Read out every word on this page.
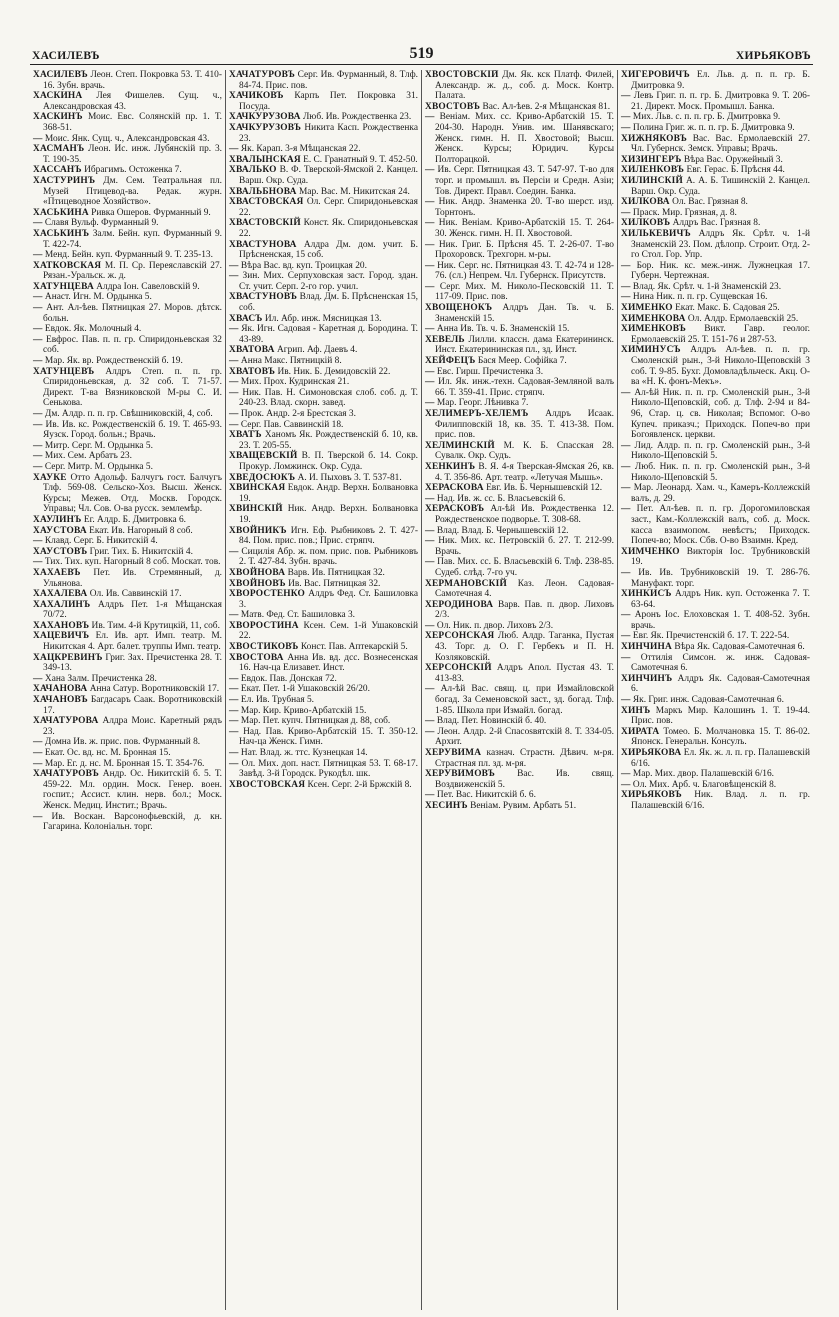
ХАСИЛЕВЪ	519	ХИРЬЯКОВЪ

ХАСИЛЕВЪ Леон. Степ. Покровка 53. Т. 410-16. Зубн. врачь.

ХАСКИНА Лея Фишелев. Сущ. ч., Александровская 43.

ХАСКИНЪ Моис. Евс. Солянскій пр. 1. Т. 368-51.

— Моис. Янк. Сущ. ч., Александровская 43.

ХАСМАНЪ Леон. Ис. инж. Лубянскій пр. 3. Т. 190-35.

ХАССАНЪ Ибрагимъ. Остоженка 7.

ХАСТУРИНЪ Дм. Сем. Театральная пл. Музей Птицевод-ва. Редак. журн. «Птицеводное Хозяйство».

ХАСЬКИНА Ривка Ошеров. Фурманный 9.

— Славя Вульф. Фурманный 9.

ХАСЬКИНЪ Залм. Бейн. куп. Фурманный 9. Т. 422-74.

— Менд. Бейн. куп. Фурманный 9. Т. 235-13.

ХАТКОВСКАЯ М. П. Ср. Переяславскій 27. Рязан.-Уральск. ж. д.

ХАТУНЦЕВА Алдра Іон. Савеловскій 9.

— Анаст. Игн. М. Ордынка 5.

— Ант. Ал-ѣев. Пятницкая 27. Моров. дѣтск. больн.

— Евдок. Як. Молочный 4.

— Евфрос. Пав. п. п. гр. Спиридоньевская 32 соб.

— Мар. Як. вр. Рождественскій б. 19.

ХАТУНЦЕВЪ Алдръ Степ. п. п. гр. Спиридоньевская, д. 32 соб. Т. 71-57. Директ. Т-ва Вязниковской М-ры С. И. Сенькова.

— Дм. Алдр. п. п. гр. Свѣшниковскій, 4, соб.

— Ив. Ив. кс. Рождественскій б. 19. Т. 465-93. Яузск. Город. больн.; Врачь.

— Митр. Серг. М. Ордынка 5.

— Мих. Сем. Арбатъ 23.

— Серг. Митр. М. Ордынка 5.

ХАУКЕ Отто Адольф. Балчугъ гост. Балчугъ Тлф. 569-08. Сельско-Хоз. Высш. Женск. Курсы; Межев. Отд. Москв. Городск. Управы; Чл. Сов. О-ва русск. землемѣр.

ХАУЛИНЪ Ег. Алдр. Б. Дмитровка 6.

ХАУСТОВА Екат. Ив. Нагорный 8 соб.

— Клавд. Серг. Б. Никитскій 4.

ХАУСТОВЪ Григ. Тих. Б. Никитскій 4.

— Тих. Тих. куп. Нагорный 8 соб. Москат. тов.

ХАХАЕВЪ Пет. Ив. Стремянный, д. Ульянова.

ХАХАЛЕВА Ол. Ив. Саввинскій 17.

ХАХАЛИНЪ Алдръ Пет. 1-я Мѣщанская 70/72.

ХАХАНОВЪ Ив. Тим. 4-й Крутицкій, 11, соб.

ХАЦЕВИЧЪ Ел. Ив. арт. Имп. театр. М. Никитская 4. Арт. балет. труппы Имп. театр.

ХАЦКРЕВИНЪ Григ. Зах. Пречистенка 28. Т. 349-13.

— Хана Залм. Пречистенка 28.

ХАЧАНОВА Анна Сатур. Воротниковскій 17.

ХАЧАНОВЪ Багдасаръ Саак. Воротниковскій 17.

ХАЧАТУРОВА Алдра Моис. Каретный рядъ 23.

— Домна Ив. ж. прис. пов. Фурманный 8.

— Екат. Ос. вд. нс. М. Бронная 15.

— Мар. Ег. д. нс. М. Бронная 15. Т. 354-76.

ХАЧАТУРОВЪ Андр. Ос. Никитскій б. 5. Т. 459-22. Мл. ордин. Моск. Генер. воен. госпит.; Ассист. клин. нерв. бол.; Моск. Женск. Медиц. Инстит.; Врачь.

— Ив. Воскан. Варсонофьевскій, д. кн. Гагарина. Колоніальн. торг.

ХАЧАТУРОВЪ Серг. Ив. Фурманный, 8. Тлф. 84-74. Прис. пов.

ХАЧИКОВЪ Карпъ Пет. Покровка 31. Посуда.

ХАЧКУРУЗОВА Люб. Ив. Рождественка 23.

ХАЧКУРУЗОВЪ Никита Касп. Рождественка 23.

— Як. Карап. 3-я Мѣщанская 22.

ХВАЛЫНСКАЯ Е. С. Гранатный 9. Т. 452-50.

ХВАЛЬКО В. Ф. Тверской-Ямской 2. Канцел. Варш. Окр. Суда.

ХВАЛЬБНОВА Мар. Вас. М. Никитская 24.

ХВАСТОВСКАЯ Ол. Серг. Спиридоньевская 22.

ХВАСТОВСКІЙ Конст. Як. Спиридоньевская 22.

ХВАСТУНОВА Алдра Дм. дом. учит. Б. Прѣсненская, 15 соб.

— Вѣра Вас. вд. куп. Троицкая 20.

— Зин. Мих. Серпуховская заст. Город. здан. Ст. учит. Серп. 2-го гор. учил.

ХВАСТУНОВЪ Влад. Дм. Б. Прѣсненская 15, соб.

ХВАСЪ Ил. Абр. инж. Мясницкая 13.

— Як. Игн. Садовая - Каретная д. Бородина. Т. 43-89.

ХВАТОВА Агрип. Аф. Даевъ 4.

— Анна Макс. Пятницкій 8.

ХВАТОВЪ Ив. Ник. Б. Демидовскій 22.

— Мих. Прох. Кудринская 21.

— Ник. Пав. Н. Симоновская слоб. соб. д. Т. 240-23. Влад. скорн. завед.

— Прок. Андр. 2-я Брестская 3.

— Серг. Пав. Саввинскій 18.

ХВАТЪ Ханомъ Як. Рождественскій б. 10, кв. 23. Т. 205-55.

ХВАЩЕВСКІЙ В. П. Тверской б. 14. Сокр. Прокур. Ломжинск. Окр. Суда.

ХВЕДОСЮКЪ А. И. Пыховъ 3. Т. 537-81.

ХВИНСКАЯ Евдок. Андр. Верхн. Болвановка 19.

ХВИНСКІЙ Ник. Андр. Верхн. Болвановка 19.

ХВОЙНИКЪ Игн. Еф. Рыбниковъ 2. Т. 427-84. Пом. прис. пов.; Прис. стряпч.

— Сицилія Абр. ж. пом. прис. пов. Рыбниковъ 2. Т. 427-84. Зубн. врачь.

ХВОЙНОВА Варв. Ив. Пятницкая 32.

ХВОЙНОВЪ Ив. Вас. Пятницкая 32.

ХВОРОСТЕНКО Алдръ Фед. Ст. Башиловка 3.

— Матв. Фед. Ст. Башиловка 3.

ХВОРОСТИНА Ксен. Сем. 1-й Ушаковскій 22.

ХВОСТИКОВЪ Конст. Пав. Аптекарскій 5.

ХВОСТОВА Анна Ив. вд. дсс. Вознесенская 16. Нач-ца Елизавет. Инст.

— Евдок. Пав. Донская 72.

— Екат. Пет. 1-й Ушаковскій 26/20.

— Ел. Ив. Трубная 5.

— Мар. Кир. Криво-Арбатскій 15.

— Мар. Пет. купч. Пятницкая д. 88, соб.

— Над. Пав. Криво-Арбатскій 15. Т. 350-12. Нач-ца Женск. Гимн.

— Нат. Влад. ж. ттс. Кузнецкая 14.

— Ол. Мих. доп. наст. Пятницкая 53. Т. 68-17. Завѣд. 3-й Городск. Рукодѣл. шк.

ХВОСТОВСКАЯ Ксен. Серг. 2-й Бржскій 8.

ХВОСТОВСКІЙ Дм. Як. кск Платф. Филей, Александр. ж. д., соб. д. Моск. Контр. Палата.

ХВОСТОВЪ Вас. Ал-ѣев. 2-я Мѣщанская 81.

— Веніам. Мих. сс. Криво-Арбатскій 15. Т. 204-30. Народн. Унив. им. Шанявскаго; Женск. гимн. Н. П. Хвостовой; Высш. Женск. Курсы; Юридич. Курсы Полторацкой.

— Ив. Серг. Пятницкая 43. Т. 547-97. Т-во для торг. и промышл. въ Персіи и Средн. Азіи; Тов. Директ. Правл. Соедин. Банка.

— Ник. Андр. Знаменка 20. Т-во шерст. изд. Торнтонъ.

— Ник. Веніам. Криво-Арбатскій 15. Т. 264-30. Женск. гимн. Н. П. Хвостовой.

— Ник. Григ. Б. Прѣсня 45. Т. 2-26-07. Т-во Прохоровск. Трехгорн. м-ры.

— Ник. Серг. нс. Пятницкая 43. Т. 42-74 и 128-76. (сл.) Непрем. Чл. Губернск. Присутств.

— Серг. Мих. М. Николо-Песковскій 11. Т. 117-09. Прис. пов.

ХВОЩЕНОКЪ Алдръ Дан. Тв. ч. Б. Знаменскій 15.

— Анна Ив. Тв. ч. Б. Знаменскій 15.

ХЕВЕЛЬ Лилли. классн. дама Екатерининск. Инст. Екатерининская пл., зд. Инст.

ХЕЙФЕЦЪ Бася Меер. Софійка 7.

— Евс. Гирш. Пречистенка 3.

— Ил. Як. инж.-техн. Садовая-Земляной валъ 66. Т. 359-41. Прис. стряпч.

— Мар. Георг. Лѣнивка 7.

ХЕЛИМЕРЪ-ХЕЛЕМЪ Алдръ Исаак. Филипповскій 18, кв. 35. Т. 413-38. Пом. прис. пов.

ХЕЛМИНСКІЙ М. К. Б. Спасская 28. Сувалк. Окр. Судъ.

ХЕНКИНЪ В. Я. 4-я Тверская-Ямская 26, кв. 4. Т. 356-86. Арт. театр. «Летучая Мышь».

ХЕРАСКОВА Евг. Ив. Б. Чернышевскій 12.

— Над. Ив. ж. сс. Б. Власьевскій 6.

ХЕРАСКОВЪ Ал-ѣй Ив. Рождественка 12. Рождественское подворье. Т. 308-68.

— Влад. Влад. Б. Чернышевскій 12.

— Ник. Мих. кс. Петровскій б. 27. Т. 212-99. Врачь.

— Пав. Мих. сс. Б. Власьевскій 6. Тлф. 238-85. Судеб. слѣд. 7-го уч.

ХЕРМАНОВСКІЙ Каз. Леон. Садовая-Самотечная 4.

ХЕРОДИНОВА Варв. Пав. п. двор. Лиховъ 2/3.

— Ол. Ник. п. двор. Лиховъ 2/3.

ХЕРСОНСКАЯ Люб. Алдр. Таганка, Пустая 43. Торг. д. О. Г. Гербекъ и П. Н. Козляковскій.

ХЕРСОНСКІЙ Алдръ Апол. Пустая 43. Т. 413-83.

— Ал-ѣй Вас. свящ. ц. при Измайловской богад. За Семеновской заст., зд. богад. Тлф. 1-85. Школа при Измайл. богад.

— Влад. Пет. Новинскій б. 40.

— Леон. Алдр. 2-й Спасоsвятскій 8. Т. 334-05. Архит.

ХЕРУВИМА казнач. Страстн. Дѣвич. м-ря. Страстная пл. зд. м-ря.

ХЕРУВИМОВЪ Вас. Ив. свящ. Воздвиженскій 5.

— Пет. Вас. Никитскій б. 6.

ХЕСИНЪ Веніам. Рувим. Арбатъ 51.

ХИГЕРОВИЧЪ Ел. Льв. д. п. п. гр. Б. Дмитровка 9.

— Левъ Григ. п. п. гр. Б. Дмитровка 9. Т. 206-21. Директ. Моск. Промышл. Банка.

— Мих. Льв. с. п. п. гр. Б. Дмитровка 9.

— Полина Григ. ж. п. п. гр. Б. Дмитровка 9.

ХИЖНЯКОВЪ Вас. Вас. Ермолаевскій 27. Чл. Губернск. Земск. Управы; Врачь.

ХИЗИНГЕРЪ Вѣра Вас. Оружейный 3.

ХИЛЕНКОВЪ Евг. Герас. Б. Прѣсня 44.

ХИЛИНСКІЙ А. А. Б. Тишинскій 2. Канцел. Варш. Окр. Суда.

ХИЛКОВА Ол. Вас. Грязная 8.

— Праск. Мир. Грязная, д. 8.

ХИЛКОВЪ Алдръ Вас. Грязная 8.

ХИЛЬКЕВИЧЪ Алдръ Як. Срѣт. ч. 1-й Знаменскій 23. Пом. дѣлопр. Строит. Отд. 2-го Стол. Гор. Упр.

— Бор. Ник. кс. меж.-инж. Лужнецкая 17. Губерн. Чертежная.

— Влад. Як. Срѣт. ч. 1-й Знаменскій 23.

— Нина Ник. п. п. гр. Сущевская 16.

ХИМЕНКО Екат. Макс. Б. Садовая 25.

ХИМЕНКОВА Ол. Алдр. Ермолаевскій 25.

ХИМЕНКОВЪ Викт. Гавр. геолог. Ермолаевскій 25. Т. 151-76 и 287-53.

ХИМИНУСЪ Алдръ Ал-ѣев. п. п. гр. Смоленскій рын., 3-й Николо-Щеповскій 3 соб. Т. 9-85. Бухг. Домовладѣльческ. Акц. О-ва «Н. К. фонъ-Мекъ».

— Ал-ѣй Ник. п. п. гр. Смоленскій рын., 3-й Николо-Щеповскій, соб. д. Тлф. 2-94 и 84-96, Стар. ц. св. Николая; Вспомог. О-во Купеч. приказч.; Приходск. Попеч-во при Богоявленск. церкви.

— Лид. Алдр. п. п. гр. Смоленскій рын., 3-й Николо-Щеповскій 5.

— Люб. Ник. п. п. гр. Смоленскій рын., 3-й Николо-Щеповскій 5.

— Мар. Леонард. Хам. ч., Камеръ-Коллежскій валъ, д. 29.

— Пет. Ал-ѣев. п. п. гр. Дорогомиловская заст., Кам.-Коллежскій валъ, соб. д. Моск. касса взаимопом. невѣстъ; Приходск. Попеч-во; Моск. Сбв. О-во Взаимн. Кред.

ХИМЧЕНКО Викторія Іос. Трубниковскій 19.

— Ив. Ив. Трубниковскій 19. Т. 286-76. Мануфакт. торг.

ХИНКИСЪ Алдръ Ник. куп. Остоженка 7. Т. 63-64.

— Аронъ Іос. Елоховская 1. Т. 408-52. Зубн. врачь.

— Евг. Як. Пречистенскій б. 17. Т. 222-54.

ХИНЧИНА Вѣра Як. Садовая-Самотечная 6.

— Оттилія Симсон. ж. инж. Садовая-Самотечная 6.

ХИНЧИНЪ Алдръ Як. Садовая-Самотечная 6.

— Як. Григ. инж. Садовая-Самотечная 6.

ХИНЪ Маркъ Мир. Калошинъ 1. Т. 19-44. Прис. пов.

ХИРАТА Томео. Б. Молчановка 15. Т. 86-02. Японск. Генеральн. Консулъ.

ХИРЬЯКОВА Ел. Як. ж. л. п. гр. Палашевскій 6/16.

— Мар. Мих. двор. Палашевскій 6/16.

— Ол. Мих. Арб. ч. Благовѣщенскій 8.

ХИРЬЯКОВЪ Ник. Влад. л. п. гр. Палашевскій 6/16.
